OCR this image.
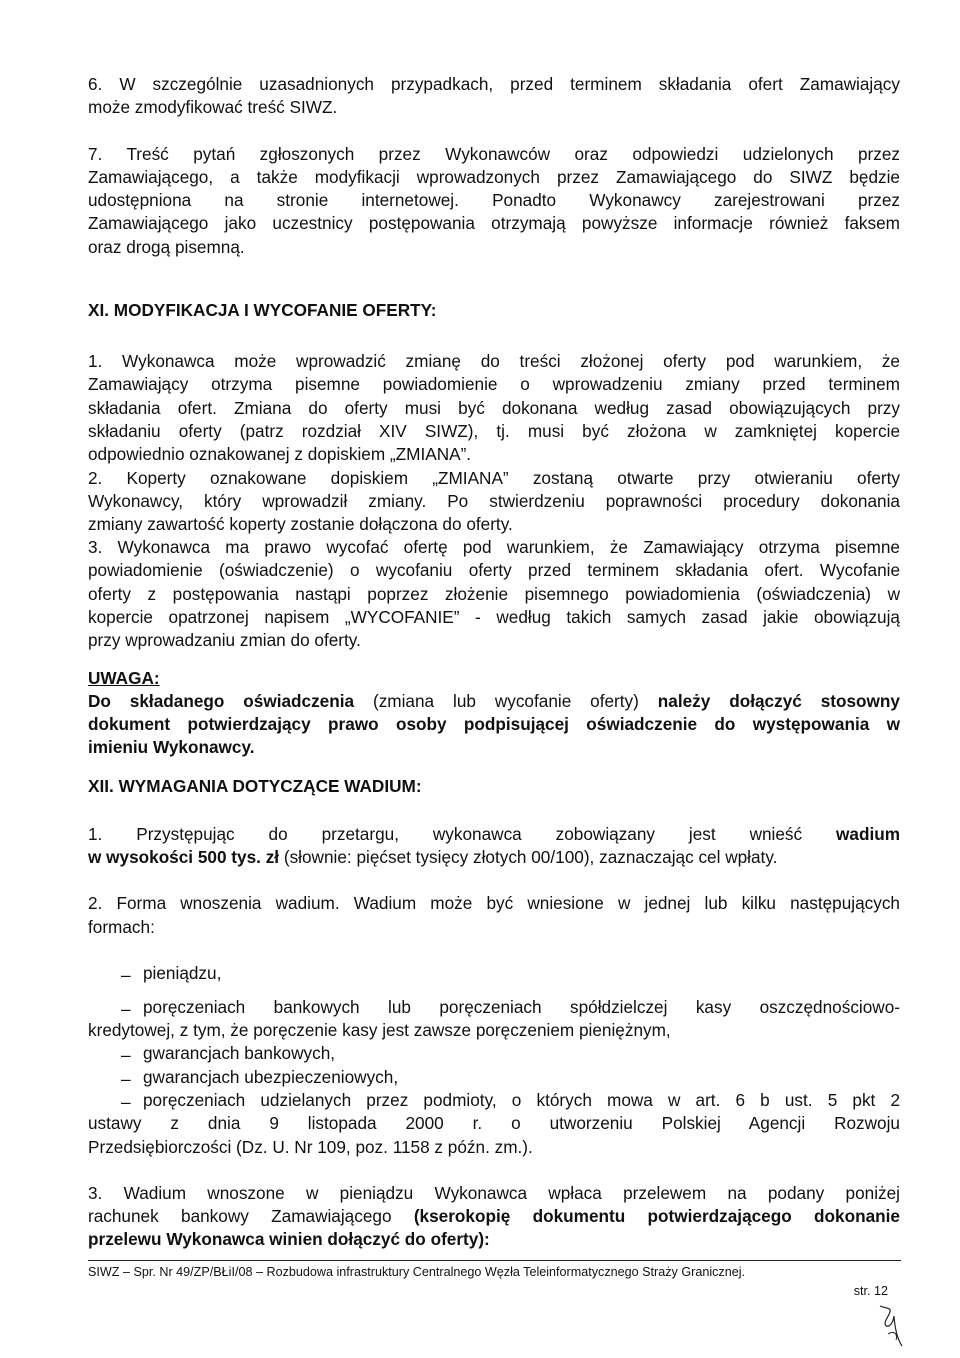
6. W szczególnie uzasadnionych przypadkach, przed terminem składania ofert Zamawiający
może zmodyfikować treść SIWZ.
7. Treść pytań zgłoszonych przez Wykonawców oraz odpowiedzi udzielonych przez
Zamawiającego, a także modyfikacji wprowadzonych przez Zamawiającego do SIWZ będzie
udostępniona na stronie internetowej. Ponadto Wykonawcy zarejestrowani przez
Zamawiającego jako uczestnicy postępowania otrzymają powyższe informacje również faksem
oraz drogą pisemną.
XI. MODYFIKACJA I WYCOFANIE OFERTY:
1. Wykonawca może wprowadzić zmianę do treści złożonej oferty pod warunkiem, że
Zamawiający otrzyma pisemne powiadomienie o wprowadzeniu zmiany przed terminem
składania ofert. Zmiana do oferty musi być dokonana według zasad obowiązujących przy
składaniu oferty (patrz rozdział XIV SIWZ), tj. musi być złożona w zamkniętej kopercie
odpowiednio oznakowanej z dopiskiem „ZMIANA”.
2. Koperty oznakowane dopiskiem „ZMIANA” zostaną otwarte przy otwieraniu oferty
Wykonawcy, który wprowadził zmiany. Po stwierdzeniu poprawności procedury dokonania
zmiany zawartość koperty zostanie dołączona do oferty.
3. Wykonawca ma prawo wycofać ofertę pod warunkiem, że Zamawiający otrzyma pisemne
powiadomienie (oświadczenie) o wycofaniu oferty przed terminem składania ofert. Wycofanie
oferty z postępowania nastąpi poprzez złożenie pisemnego powiadomienia (oświadczenia) w
kopercie opatrzonej napisem „WYCOFANIE” - według takich samych zasad jakie obowiązują
przy wprowadzaniu zmian do oferty.
UWAGA:
Do składanego oświadczenia (zmiana lub wycofanie oferty) należy dołączyć stosowny
dokument potwierdzający prawo osoby podpisującej oświadczenie do występowania w
imieniu Wykonawcy.
XII. WYMAGANIA DOTYCZĄCE WADIUM:
1. Przystępując do przetargu, wykonawca zobowiązany jest wnieść wadium
w wysokości 500 tys. zł (słownie: pięćset tysięcy złotych 00/100), zaznaczając cel wpłaty.
2. Forma wnoszenia wadium. Wadium może być wniesione w jednej lub kilku następujących
formach:
– pieniądzu,
– poręczeniach bankowych lub poręczeniach spółdzielczej kasy oszczędnościowo-
kredytowej, z tym, że poręczenie kasy jest zawsze poręczeniem pieniężnym,
– gwarancjach bankowych,
– gwarancjach ubezpieczeniowych,
– poręczeniach udzielanych przez podmioty, o których mowa w art. 6 b ust. 5 pkt 2
ustawy z dnia 9 listopada 2000 r. o utworzeniu Polskiej Agencji Rozwoju
Przedsiębiorczości (Dz. U. Nr 109, poz. 1158 z późn. zm.).
3. Wadium wnoszone w pieniądzu Wykonawca wpłaca przelewem na podany poniżej
rachunek bankowy Zamawiającego (kserokopię dokumentu potwierdzającego dokonanie
przelewu Wykonawca winien dołączyć do oferty):
SIWZ – Spr. Nr 49/ZP/BŁiI/08 – Rozbudowa infrastruktury Centralnego Węzła Teleinformatycznego Straży Granicznej.
str. 12
